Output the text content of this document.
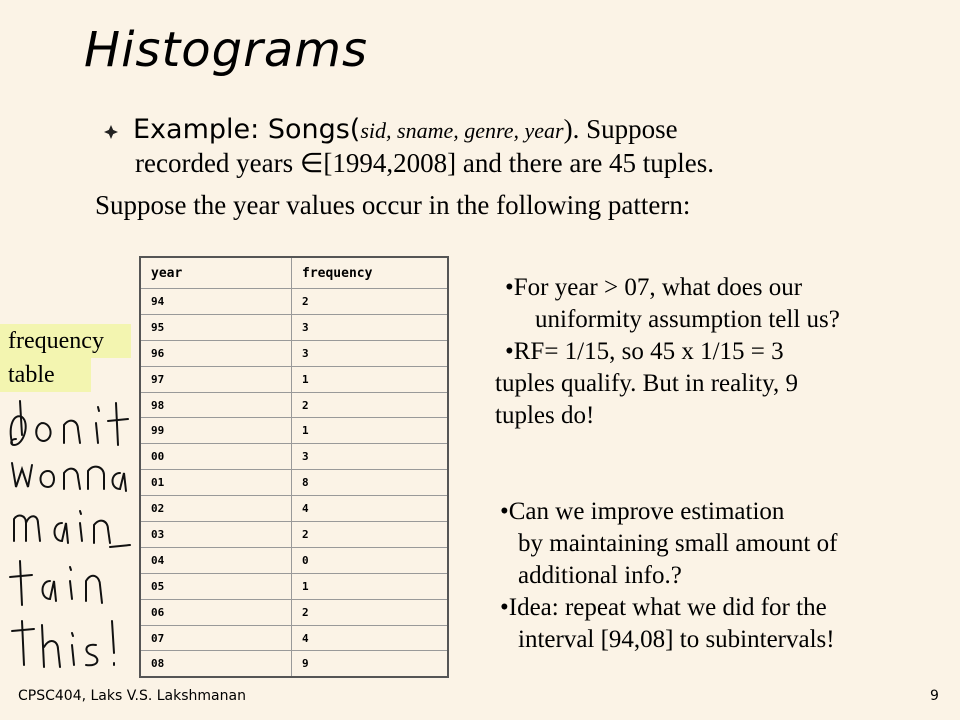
Histograms
Example: Songs(sid, sname, genre, year). Suppose
recorded years ∈[1994,2008] and there are 45 tuples.
Suppose the year values occur in the following pattern:
frequency
table
year	frequency
94	2
95	3
96	3
97	1
98	2
99	1
00	3
01	8
02	4
03	2
04	0
05	1
06	2
07	4
08	9
•For year > 07, what does our
uniformity assumption tell us?
•RF= 1/15, so 45 x 1/15 = 3
tuples qualify. But in reality, 9
tuples do!
•Can we improve estimation
by maintaining small amount of
additional info.?
•Idea: repeat what we did for the
interval [94,08] to subintervals!
CPSC404, Laks V.S. Lakshmanan	9
